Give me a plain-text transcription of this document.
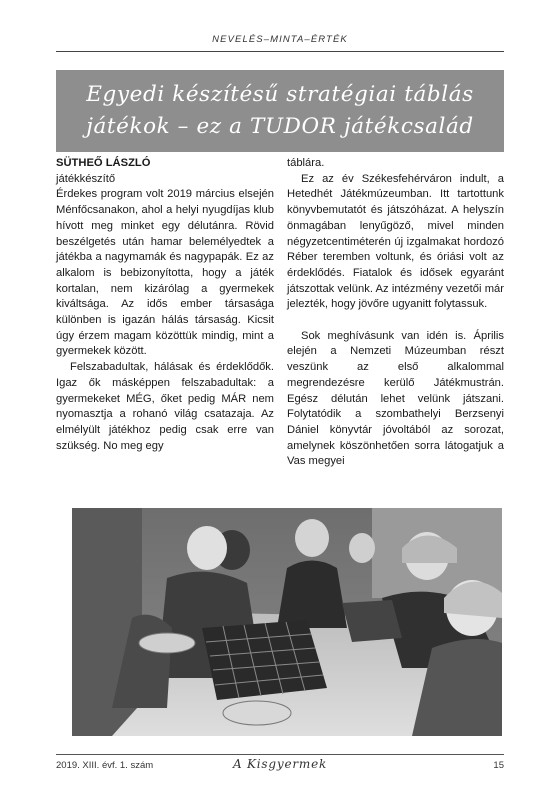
NEVELÉS–MINTA–ÉRTÉK
Egyedi készítésű stratégiai táblás
játékok – ez a TUDOR játékcsalád

SÜTHEŐ LÁSZLÓ

játékkészítő

Érdekes program volt 2019 március elsején Ménfőcsanakon, ahol a helyi nyugdíjas klub hívott meg minket egy délutánra. Rövid beszélgetés után hamar belemélyedtek a játékba a nagymamák és nagypapák. Ez az alkalom is bebizonyította, hogy a játék kortalan, nem kizárólag a gyermekek kiváltsága. Az idős ember társasága különben is igazán hálás társaság. Kicsit úgy érzem magam közöttük mindig, mint a gyermekek között.

Felszabadultak, hálásak és érdeklődők. Igaz ők másképpen felszabadultak: a gyermekeket MÉG, őket pedig MÁR nem nyomasztja a rohanó világ csatazaja. Az elmélyült játékhoz pedig csak erre van szükség. No meg egy

táblára.

Ez az év Székesfehérváron indult, a Hetedhét Játékmúzeumban. Itt tartottunk könyvbemutatót és játszóházat. A helyszín önmagában lenyűgöző, mivel minden négyzetcentiméterén új izgalmakat hordozó Réber teremben voltunk, és óriási volt az érdeklődés. Fiatalok és idősek egyaránt játszottak velünk. Az intézmény vezetői már jelezték, hogy jövőre ugyanitt folytassuk.

Sok meghívásunk van idén is. Április elején a Nemzeti Múzeumban részt veszünk az első alkalommal megrendezésre kerülő Játékmustrán. Egész délután lehet velünk játszani. Folytatódik a szombathelyi Berzsenyi Dániel könyvtár jóvoltából az sorozat, amelynek köszönhetően sorra látogatjuk a Vas megyei

2019. XIII. évf. 1. szám	A Kisgyermek	15
